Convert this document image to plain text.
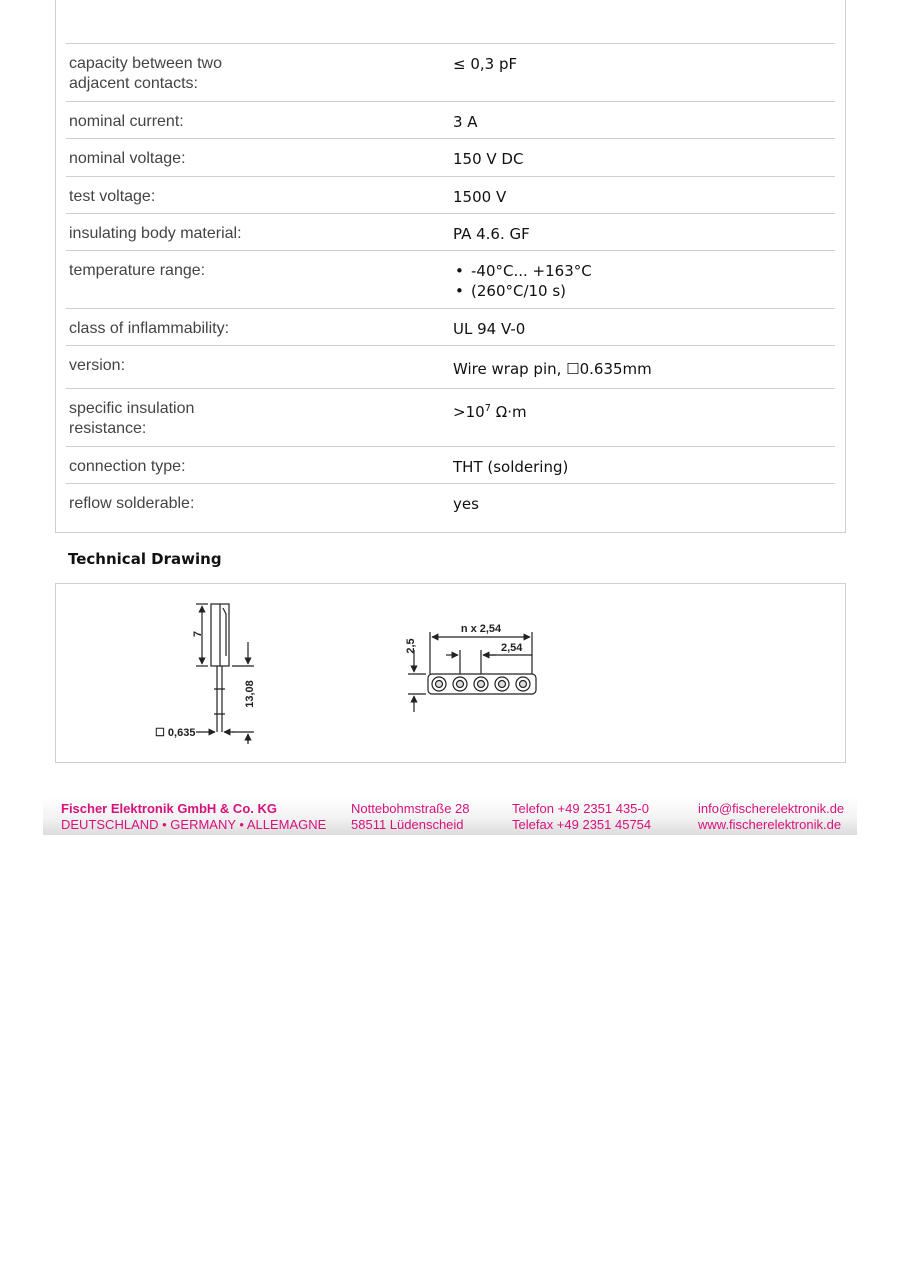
capacity between two adjacent contacts:
≤ 0,3 pF
nominal current:	3 A
nominal voltage:	150 V DC
test voltage:	1500 V
insulating body material:	PA 4.6. GF
temperature range:
•	-40°C... +163°C
• (260°C/10 s)
class of inflammability:	UL 94 V-0
version:	Wire wrap pin, ☐0.635mm
specific insulation resistance:
$>10^7$ Ω·m
connection type:	THT (soldering)
reflow solderable:	yes
Technical Drawing
7
13,08
☐ 0,635
2,5
n x 2,54
2,54
Fischer Elektronik GmbH & Co. KG
DEUTSCHLAND • GERMANY • ALLEMAGNE
Nottebohmstraße 28
58511 Lüdenscheid
Telefon +49 2351 435-0
Telefax +49 2351 45754
info@fischerelektronik.de
www.fischerelektronik.de
